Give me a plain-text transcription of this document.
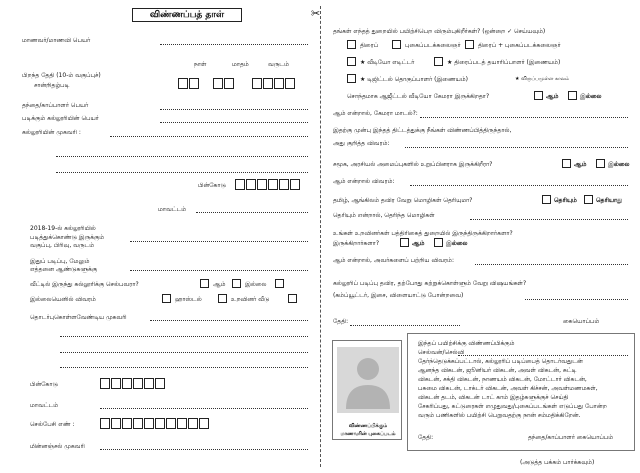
✂
விண்ணப்பத் தாள்
மாணவர்/மாணவி பெயர்
நாள்	மாதம்	வருடம்
பிறந்த தேதி (10-ம் வகுப்புச்)
சான்றிதழ்படி
தந்தை/காப்பாளர் பெயர்
படிக்கும் கல்லூரியின் பெயர்
கல்லூரியின் முகவரி :
பின்கோடு
மாவட்டம்
2018-19-ல் கல்லூரியில்
படித்துக்கொண்டு இருக்கும்
வகுப்பு, பிரிவு, வருடம்
இதுப் படிப்பு, மேலும்
எத்தனை ஆண்டுகளுக்கு
வீட்டில் இருந்து கல்லூரிக்கு செல்பவரா?	ஆம்	இல்லை
இல்லையெனில் விவரம்	ஹாஸ்டல்	உறவினர் வீடு
தொடர்புகொள்ளவேண்டிய முகவரி
பின்கோடு
மாவட்டம்
செல்பேசி எண் :
மின்னஞ்சல் முகவரி
தங்கள் எந்தத் துறையில் பயிற்சிபெற விரும்புகிறீர்கள்? (ஒன்றை ✓ செய்யவும்)
திரைப்	புகைப்படக்கலைஞர்	திரைப் + புகைப்படக்கலைஞர்
★ வீடியோ எடிட்டர்	★ திரைப்படத் தயாரிப்பாளர் (இணையம்)
★ டிஜிட்டல் தொகுப்பாளர் (இணையம்)	★ விருப்பமுள்ள காலம்
சொந்தமாக ஆஜீட்டல் வீடியோ கேமரா இருக்கிறதா?	ஆம்	இல்லை
ஆம் என்றால், கேமரா மாடல்?:
இதற்கு முன்பு இந்தத் திட்டத்துக்கு நீங்கள் விண்ணப்பித்திருந்தால்,
அது குறித்த விவரம்:
சமூக, அரசியல் அமைப்புகளில் உறுப்பினராக இருக்கிறீரா?	ஆம்	இல்லை
ஆம் என்றால் விவரம்:
தமிழ், ஆங்கிலம் தவிர வேறு மொழிகள் தெரியுமா?	தெரியும்	தெரியாது
தெரியும் என்றால், தெரிந்த மொழிகள்
உங்கள் உறவினர்கள் பத்திரிகைத் துறையில் இருந்திருக்கிறார்களா?
இருக்கிறார்களா?	ஆம்	இல்லை
ஆம் என்றால், அவர்களைப் பற்றிய விவரம்:
கல்லூரிப் படிப்பு தவிர, தற்போது கற்றுக்கொள்ளும் வேறு விஷயங்கள்?
(கம்ப்யூட்டர், இசை, விளையாட்டு போன்றவை)
தேதி:	கையொப்பம்
விண்ணப்பிக்கும்
மாணவரின் புகைப்படம்
இந்தப் பயிற்சிக்கு விண்ணப்பிக்கும்
செல்வன்/செல்வி
தேர்ந்தெடுக்கப்பட்டால், கல்லூரிப் படிப்பைத் தொடர்வதுடன்
ஆனந்த விகடன், ஜூனியர் விகடன், அவள் விகடன், சுட்டி
விகடன், சக்தி விகடன், நாணயம் விகடன், மோட்டார் விகடன்,
பசுமை விகடன், டாக்டர் விகடன், அவள் கிச்சன், அவள்மணமகள்,
விகடன் தடம், விகடன் டாட் காம் இதழ்களுக்குச் செய்தி
சேகரிப்பது, கட்டுரைகள் எழுதுவது/புகைப்படங்கள் எடுப்பது போன்ற
வரும் பணிகளில் பயிற்சி பெறுவதற்கு நான் சம்மதிக்கிறேன்.
தேதி:	தந்தை/காப்பாளர் கையொப்பம்
(அடுத்த பக்கம் பார்க்கவும்)
